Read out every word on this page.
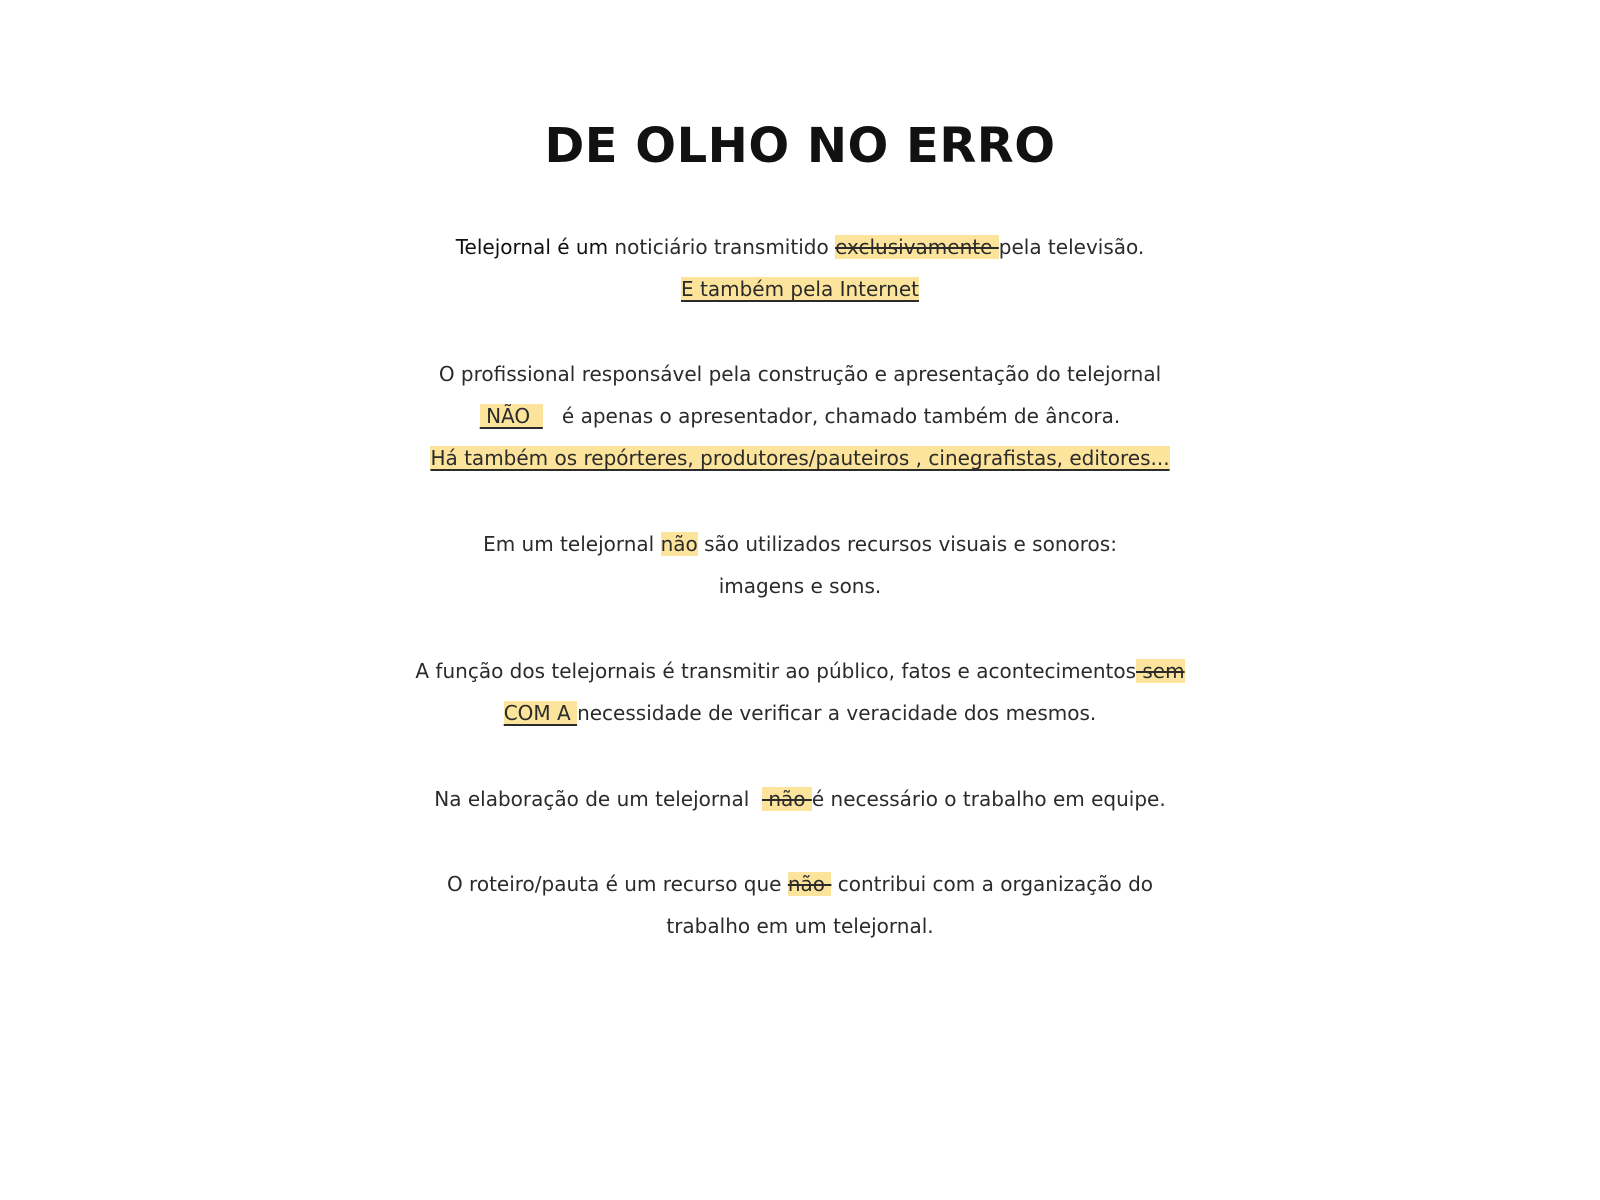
DE OLHO NO ERRO
Telejornal é um noticiário transmitido exclusivamente pela televisão.
E também pela Internet
O profissional responsável pela construção e apresentação do telejornal
NÃO     é apenas o apresentador, chamado também de âncora.
Há também os repórteres, produtores/pauteiros , cinegrafistas, editores...
Em um telejornal não são utilizados recursos visuais e sonoros:
imagens e sons.
A função dos telejornais é transmitir ao público, fatos e acontecimentos sem
COM A necessidade de verificar a veracidade dos mesmos.
Na elaboração de um telejornal   não é necessário o trabalho em equipe.
O roteiro/pauta é um recurso que não  contribui com a organização do
trabalho em um telejornal.
